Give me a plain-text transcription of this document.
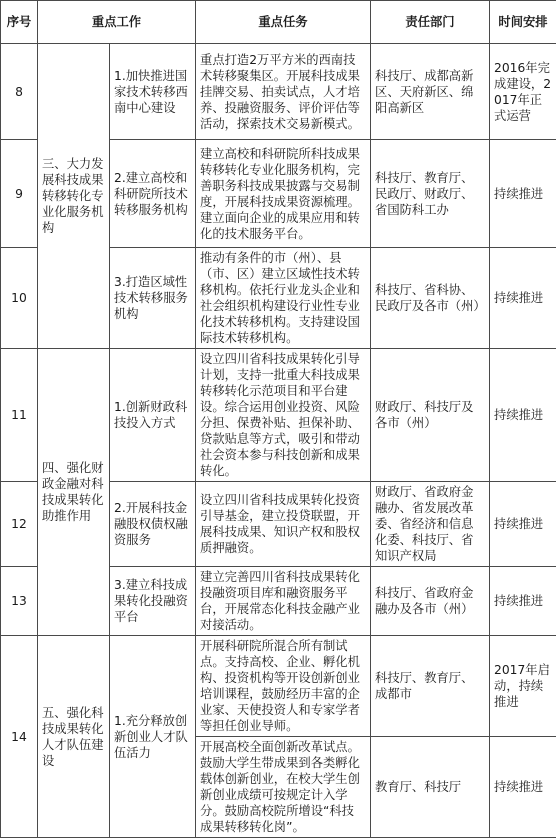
序号	重点工作		重点任务	责任部门	时间安排
8	三、大力发展科技成果转移转化专业化服务机构	1.加快推进国家技术转移西南中心建设	重点打造2万平方米的西南技术转移聚集区。开展科技成果挂牌交易、拍卖试点，人才培养、投融资服务、评价评估等活动，探索技术交易新模式。	科技厅、成都高新区、天府新区、绵阳高新区	2016年完成建设，2017年正式运营
9		2.建立高校和科研院所技术转移服务机构	建立高校和科研院所科技成果转移转化专业化服务机构，完善职务科技成果披露与交易制度，开展科技成果资源梳理。建立面向企业的成果应用和转化的技术服务平台。	科技厅、教育厅、民政厅、财政厅、省国防科工办	持续推进
10		3.打造区域性技术转移服务机构	推动有条件的市（州）、县（市、区）建立区域性技术转移机构。依托行业龙头企业和社会组织机构建设行业性专业化技术转移机构。支持建设国际技术转移机构。	科技厅、省科协、民政厅及各市（州）	持续推进
11	四、强化财政金融对科技成果转化助推作用	1.创新财政科技投入方式	设立四川省科技成果转化引导计划，支持一批重大科技成果转移转化示范项目和平台建设。综合运用创业投资、风险分担、保费补贴、担保补助、贷款贴息等方式，吸引和带动社会资本参与科技创新和成果转化。	财政厅、科技厅及各市（州）	持续推进
12		2.开展科技金融股权债权融资服务	设立四川省科技成果转化投资引导基金，建立投贷联盟，开展科技成果、知识产权和股权质押融资。	财政厅、省政府金融办、省发展改革委、省经济和信息化委、科技厅、省知识产权局	持续推进
13		3.建立科技成果转化投融资平台	建立完善四川省科技成果转化投融资项目库和融资服务平台，开展常态化科技金融产业对接活动。	科技厅、省政府金融办及各市（州）	持续推进
14	五、强化科技成果转化人才队伍建设	1.充分释放创新创业人才队伍活力	开展科研院所混合所有制试点。支持高校、企业、孵化机构、投资机构等开设创新创业培训课程，鼓励经历丰富的企业家、天使投资人和专家学者等担任创业导师。	科技厅、教育厅、成都市	2017年启动，持续推进
			开展高校全面创新改革试点。鼓励大学生带成果到各类孵化载体创新创业，在校大学生创新创业成绩可按规定计入学分。鼓励高校院所增设“科技成果转移转化岗”。	教育厅、科技厅	持续推进
